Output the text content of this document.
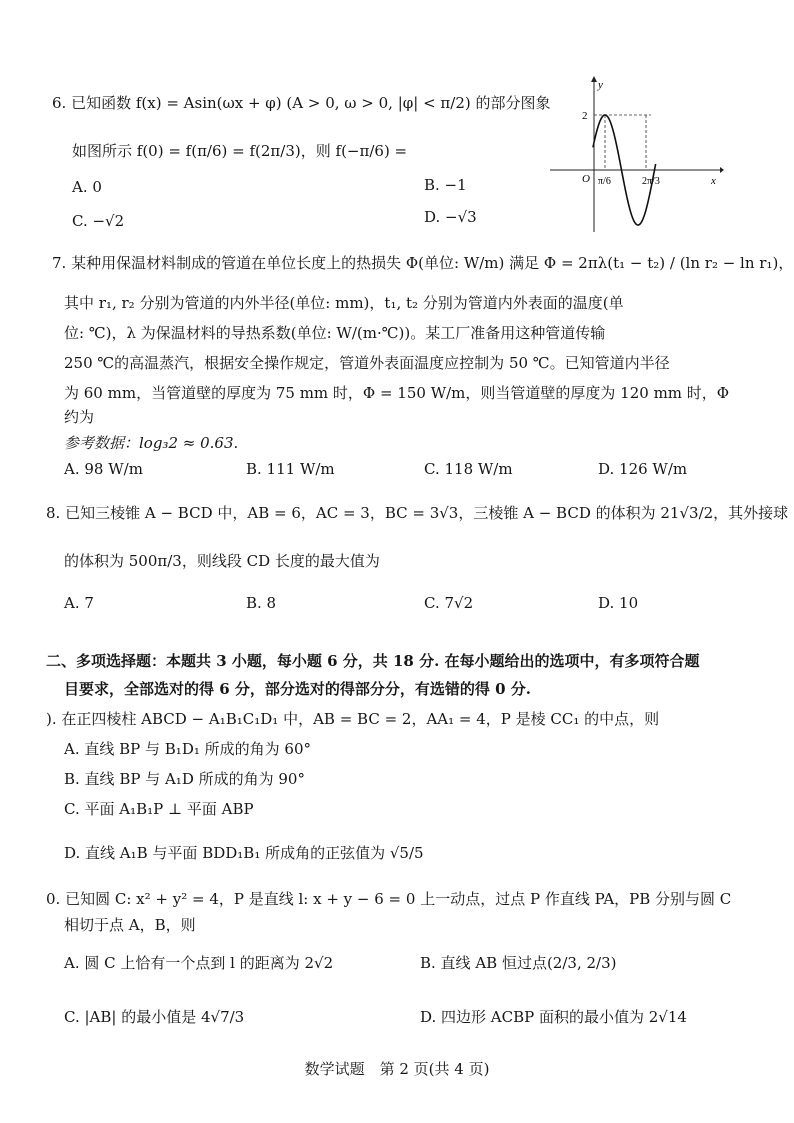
6. 已知函数 f(x) = Asin(ωx + φ) (A > 0, ω > 0, |φ| < π/2) 的部分图象
如图所示 f(0) = f(π/6) = f(2π/3)，则 f(−π/6) =
A. 0	B. −1
C. −√2	D. −√3
y
x
O
2
π/6	2π/3
7. 某种用保温材料制成的管道在单位长度上的热损失 Φ(单位: W/m) 满足 Φ = 2πλ(t₁ − t₂) / (ln r₂ − ln r₁)，
其中 r₁, r₂ 分别为管道的内外半径(单位: mm)，t₁, t₂ 分别为管道内外表面的温度(单
位: ℃)，λ 为保温材料的导热系数(单位: W/(m·℃))。某工厂准备用这种管道传输
250 ℃的高温蒸汽，根据安全操作规定，管道外表面温度应控制为 50 ℃。已知管道内半径
为 60 mm，当管道壁的厚度为 75 mm 时，Φ = 150 W/m，则当管道壁的厚度为 120 mm 时，Φ
约为
参考数据：log₃2 ≈ 0.63.
A. 98 W/m	B. 111 W/m	C. 118 W/m	D. 126 W/m
8. 已知三棱锥 A − BCD 中，AB = 6，AC = 3，BC = 3√3，三棱锥 A − BCD 的体积为 21√3/2，其外接球
的体积为 500π/3，则线段 CD 长度的最大值为
A. 7	B. 8	C. 7√2	D. 10
二、多项选择题：本题共 3 小题，每小题 6 分，共 18 分. 在每小题给出的选项中，有多项符合题
目要求，全部选对的得 6 分，部分选对的得部分分，有选错的得 0 分.
). 在正四棱柱 ABCD − A₁B₁C₁D₁ 中，AB = BC = 2，AA₁ = 4，P 是棱 CC₁ 的中点，则
A. 直线 BP 与 B₁D₁ 所成的角为 60°
B. 直线 BP 与 A₁D 所成的角为 90°
C. 平面 A₁B₁P ⊥ 平面 ABP
D. 直线 A₁B 与平面 BDD₁B₁ 所成角的正弦值为 √5/5
0. 已知圆 C: x² + y² = 4，P 是直线 l: x + y − 6 = 0 上一动点，过点 P 作直线 PA，PB 分别与圆 C
相切于点 A，B，则
A. 圆 C 上恰有一个点到 l 的距离为 2√2	B. 直线 AB 恒过点(2/3, 2/3)
C. |AB| 的最小值是 4√7/3	D. 四边形 ACBP 面积的最小值为 2√14
数学试题　第 2 页(共 4 页)
